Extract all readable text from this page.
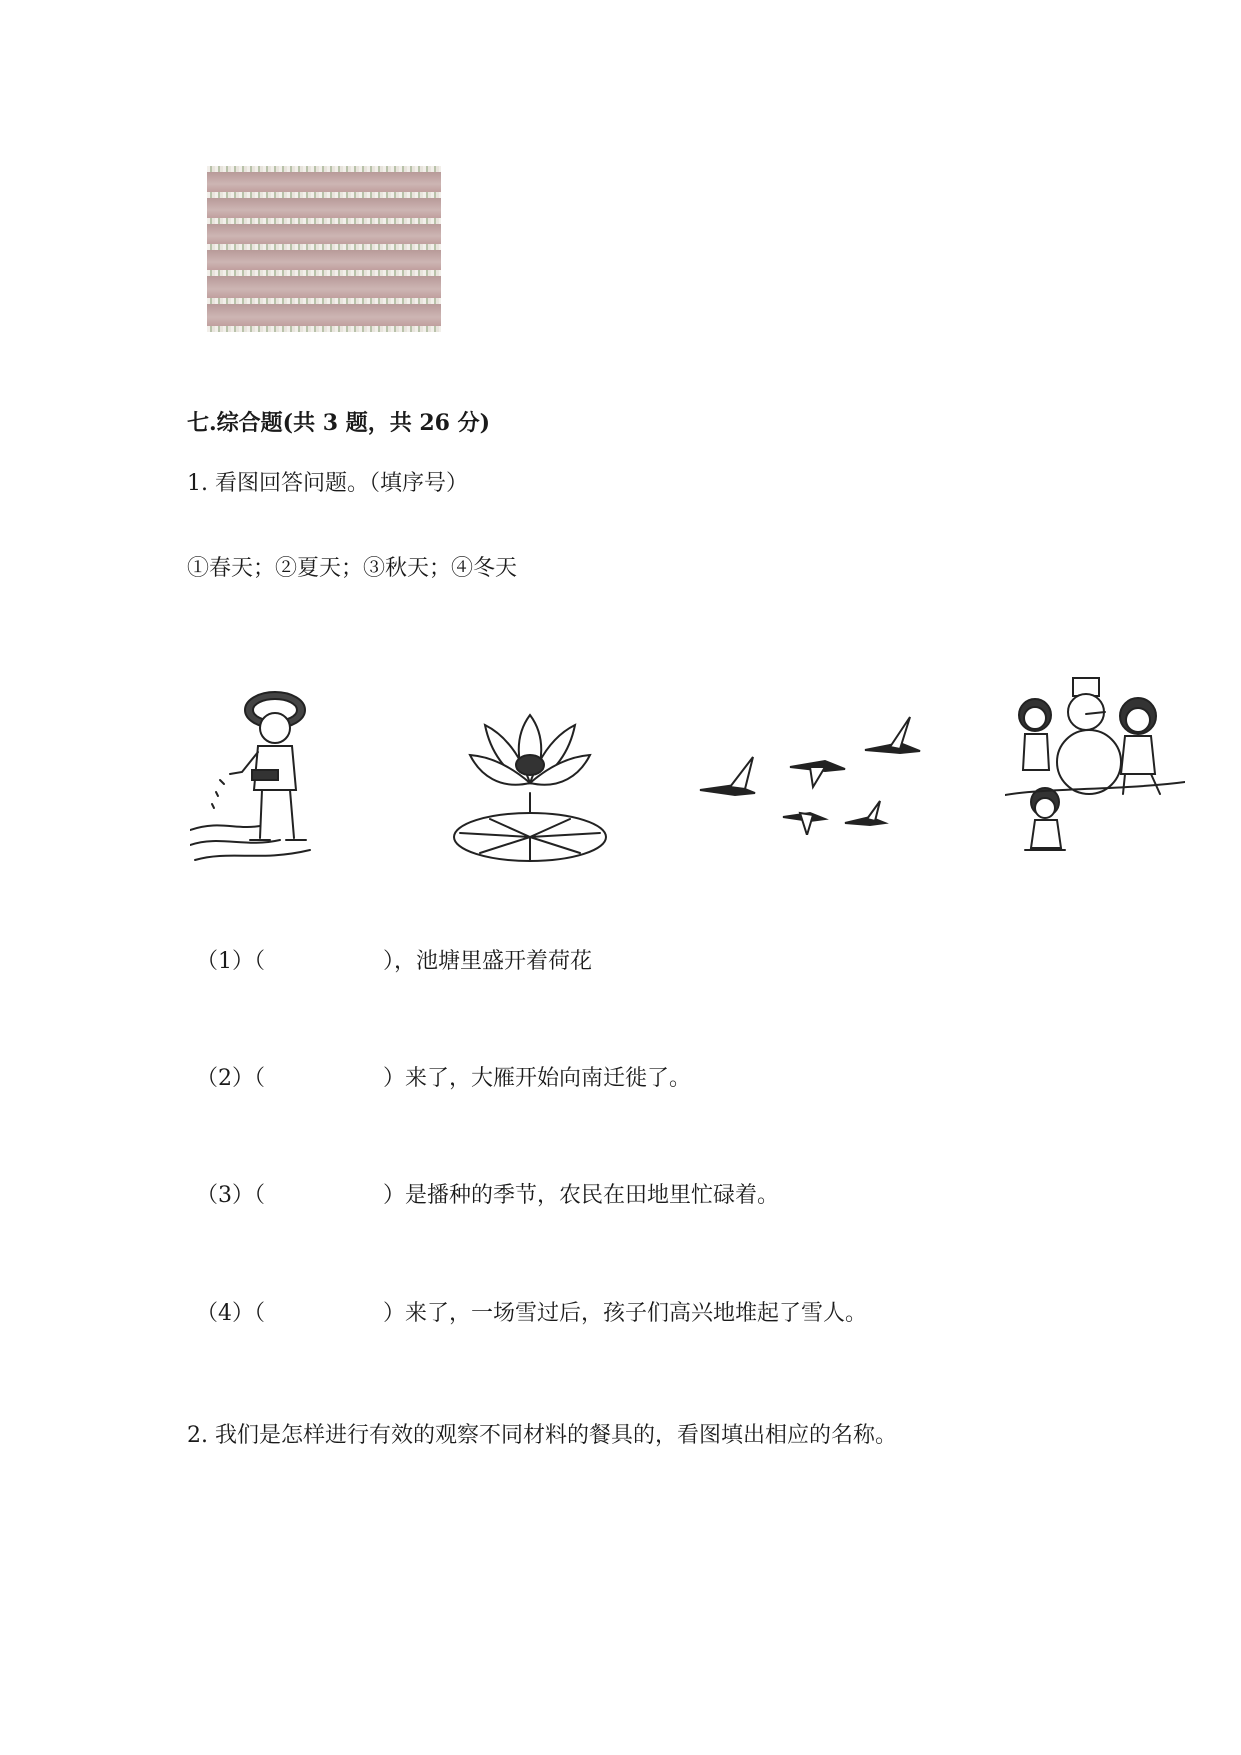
七.综合题(共 3 题，共 26 分)
1. 看图回答问题。（填序号）
①春天；②夏天；③秋天；④冬天
（1）（	），池塘里盛开着荷花
（2）（	）来了，大雁开始向南迁徙了。
（3）（	）是播种的季节，农民在田地里忙碌着。
（4）（	）来了，一场雪过后，孩子们高兴地堆起了雪人。
2. 我们是怎样进行有效的观察不同材料的餐具的，看图填出相应的名称。
